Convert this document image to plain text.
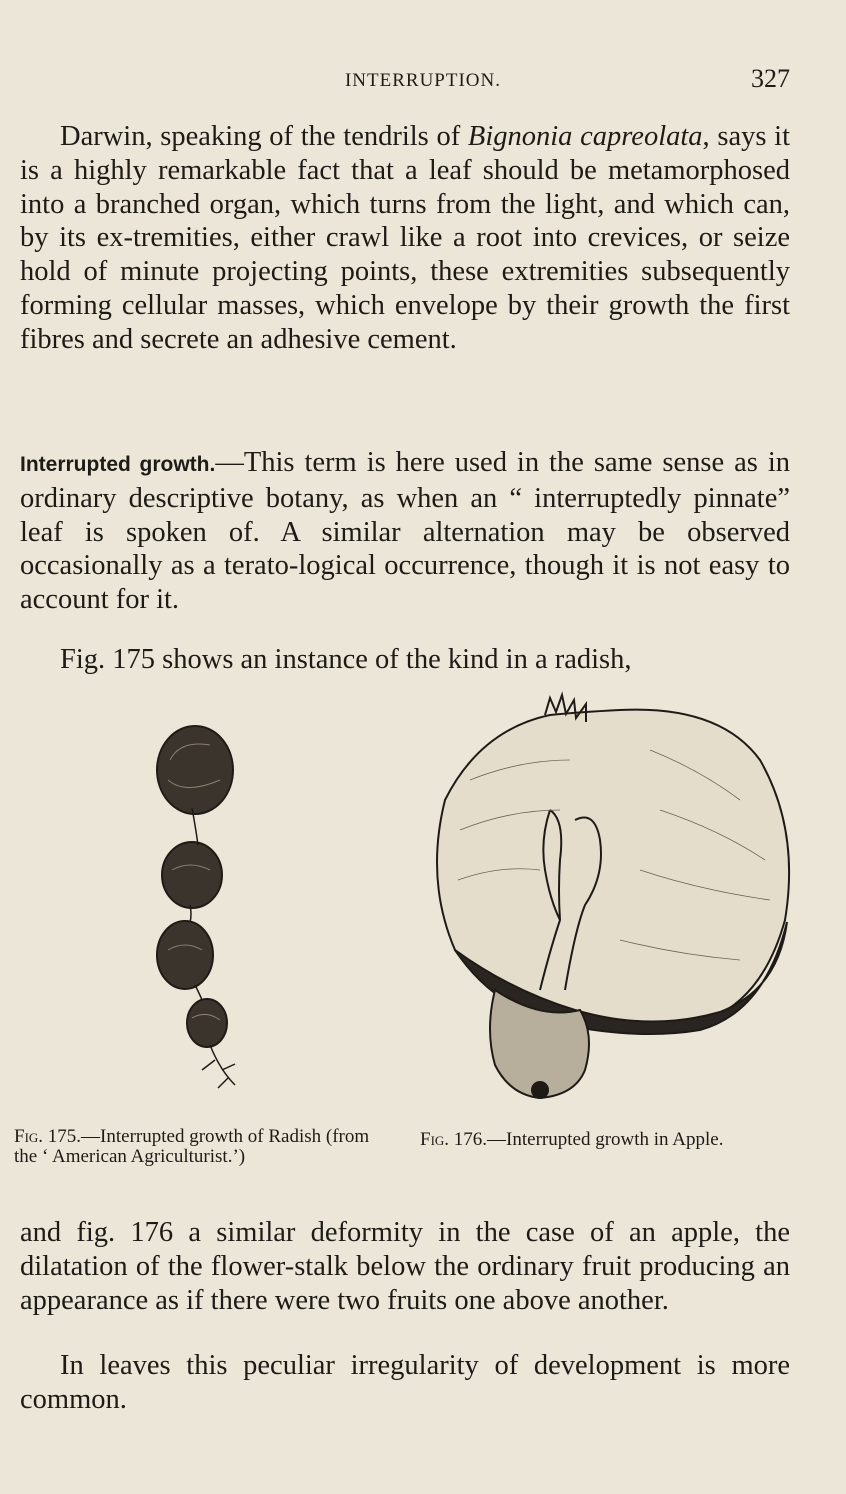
INTERRUPTION.	327

Darwin, speaking of the tendrils of Bignonia capreolata, says it is a highly remarkable fact that a leaf should be metamorphosed into a branched organ, which turns from the light, and which can, by its ex-tremities, either crawl like a root into crevices, or seize hold of minute projecting points, these extremities subsequently forming cellular masses, which envelope by their growth the first fibres and secrete an adhesive cement.

Interrupted growth.—This term is here used in the same sense as in ordinary descriptive botany, as when an “ interruptedly pinnate” leaf is spoken of. A similar alternation may be observed occasionally as a terato-logical occurrence, though it is not easy to account for it.

Fig. 175 shows an instance of the kind in a radish,

Fig. 175.—Interrupted growth of Radish (from the ‘ American Agriculturist.’)
Fig. 176.—Interrupted growth in Apple.

and fig. 176 a similar deformity in the case of an apple, the dilatation of the flower-stalk below the ordinary fruit producing an appearance as if there were two fruits one above another.

In leaves this peculiar irregularity of development is more common.
